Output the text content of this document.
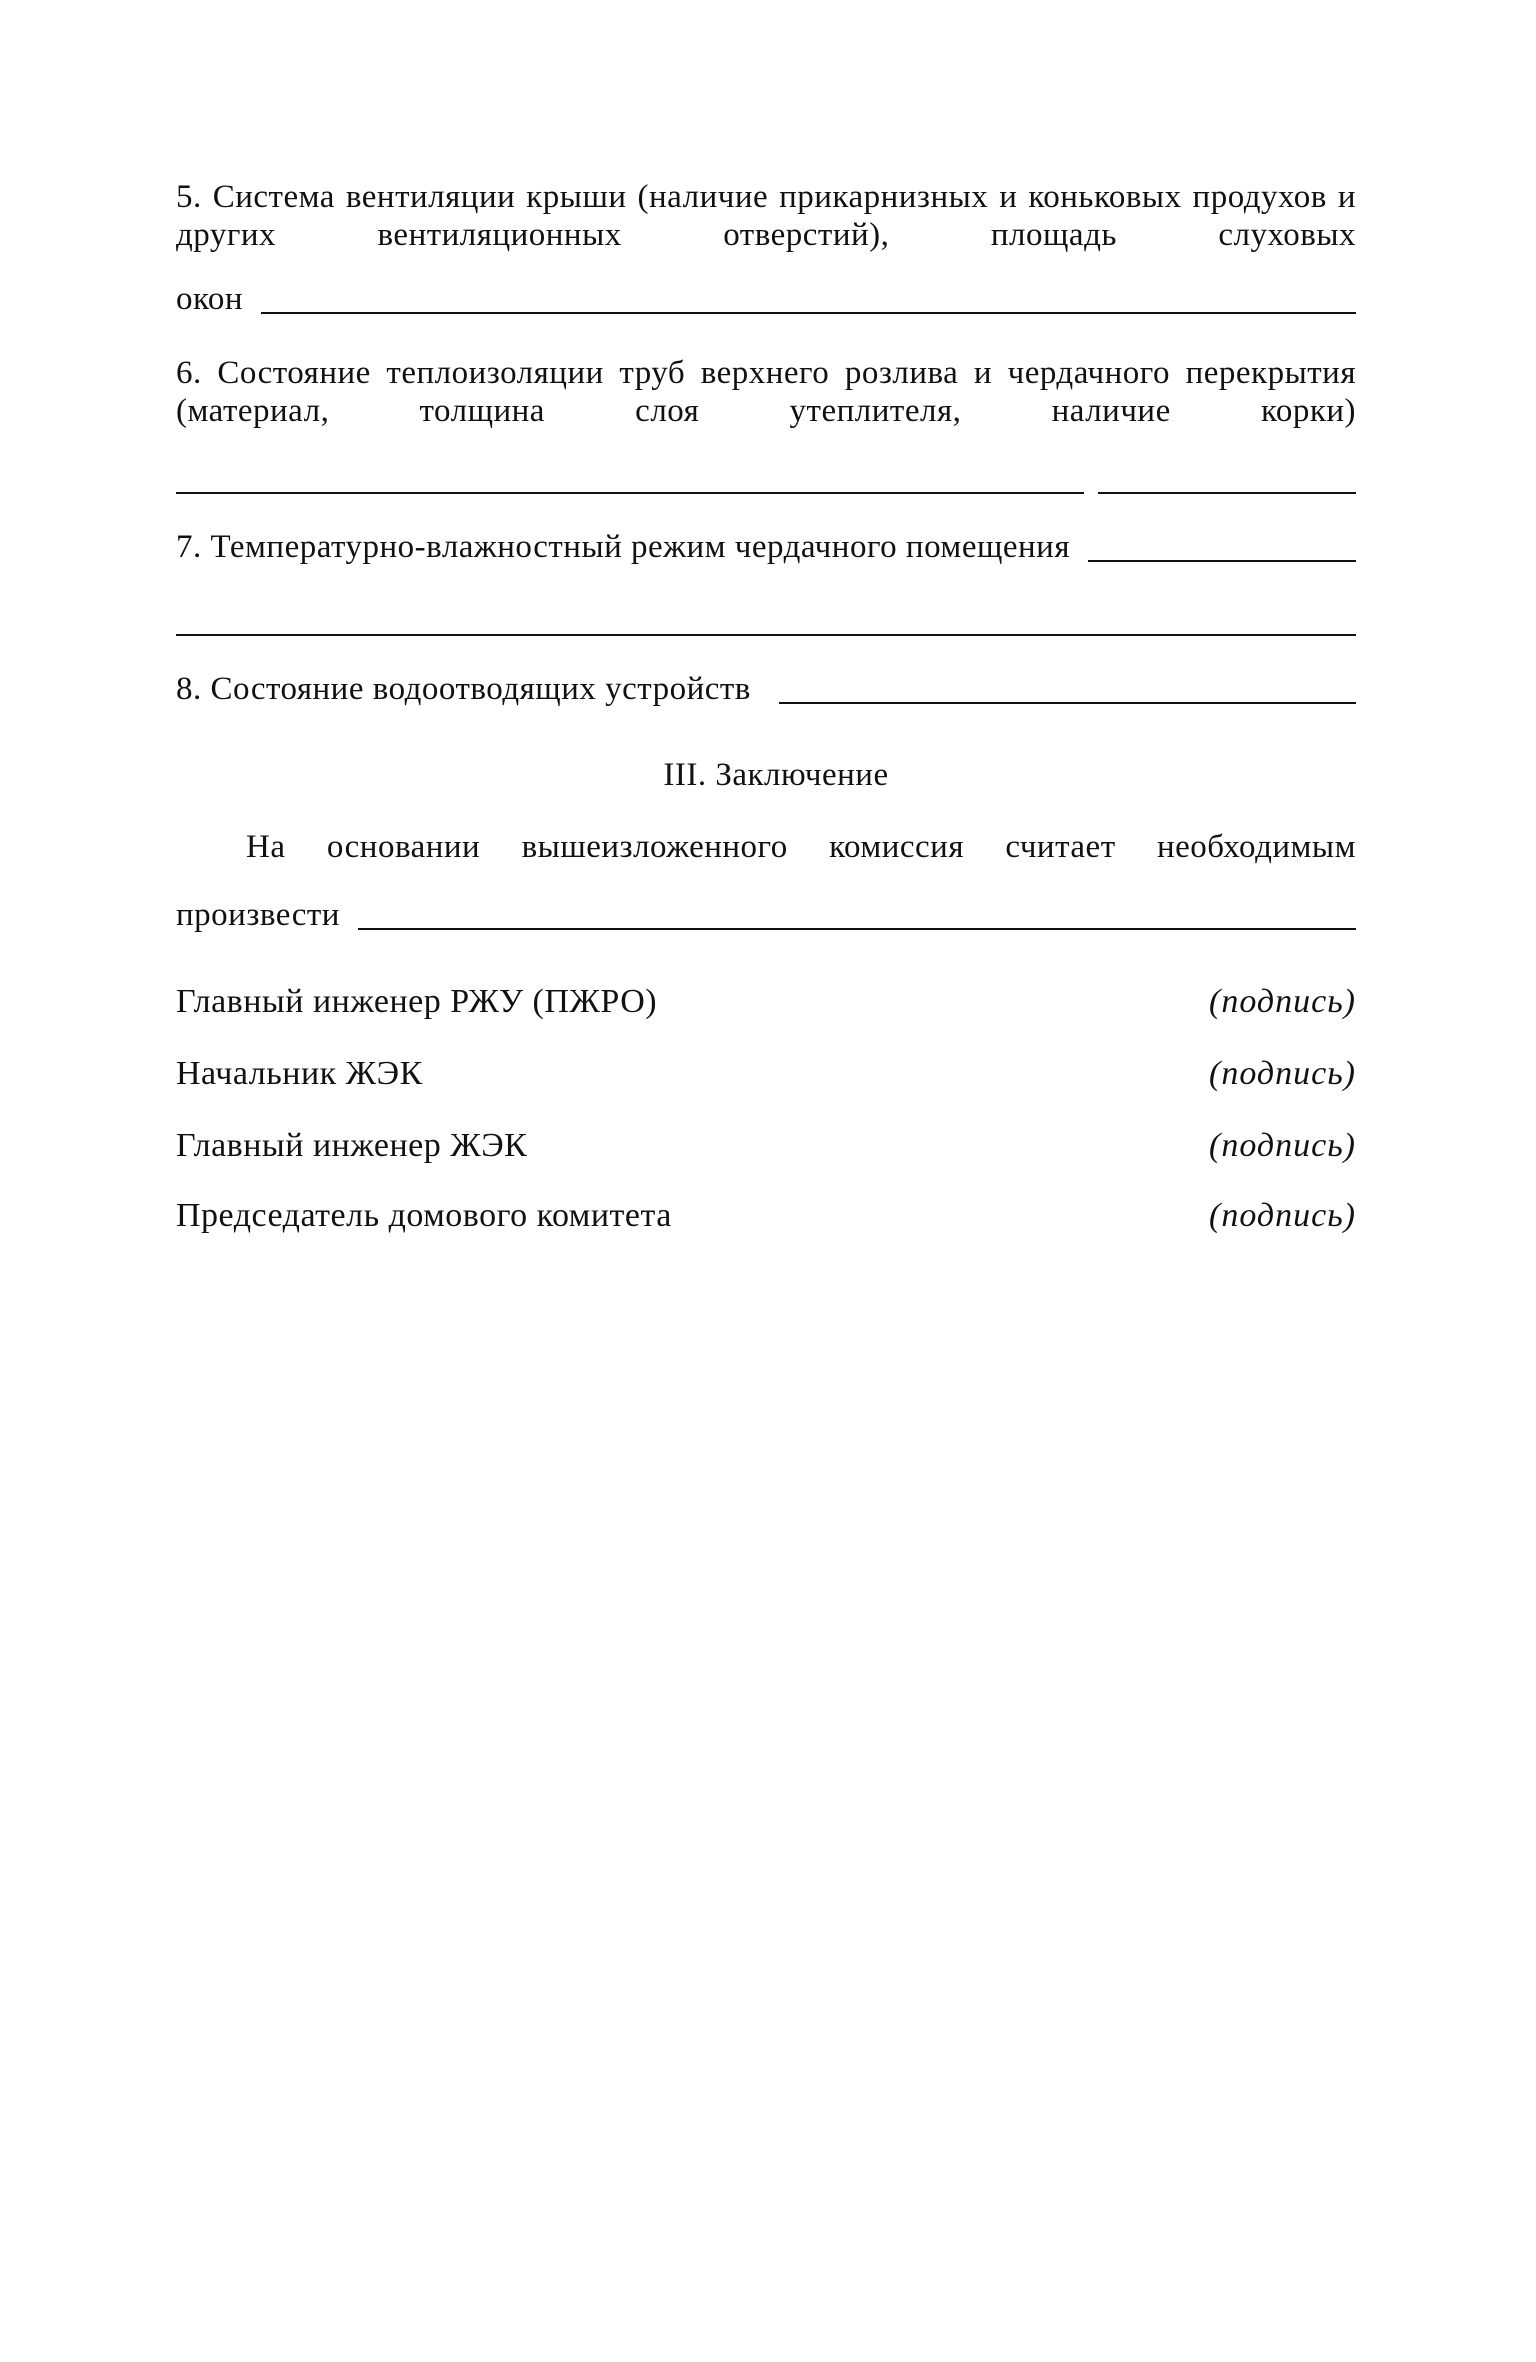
5. Система вентиляции крыши (наличие прикарнизных и коньковых продухов и других вентиляционных отверстий), площадь слуховых

окон

6. Состояние теплоизоляции труб верхнего розлива и чердачного перекрытия (материал, толщина слоя утеплителя, наличие корки)

7. Температурно-влажностный режим чердачного помещения
8. Состояние водоотводящих устройств
III. Заключение
На основании вышеизложенного комиссия считает необходимым
произвести
Главный инженер РЖУ (ПЖРО)	(подпись)
Начальник ЖЭК	(подпись)
Главный инженер ЖЭК	(подпись)
Председатель домового комитета	(подпись)
